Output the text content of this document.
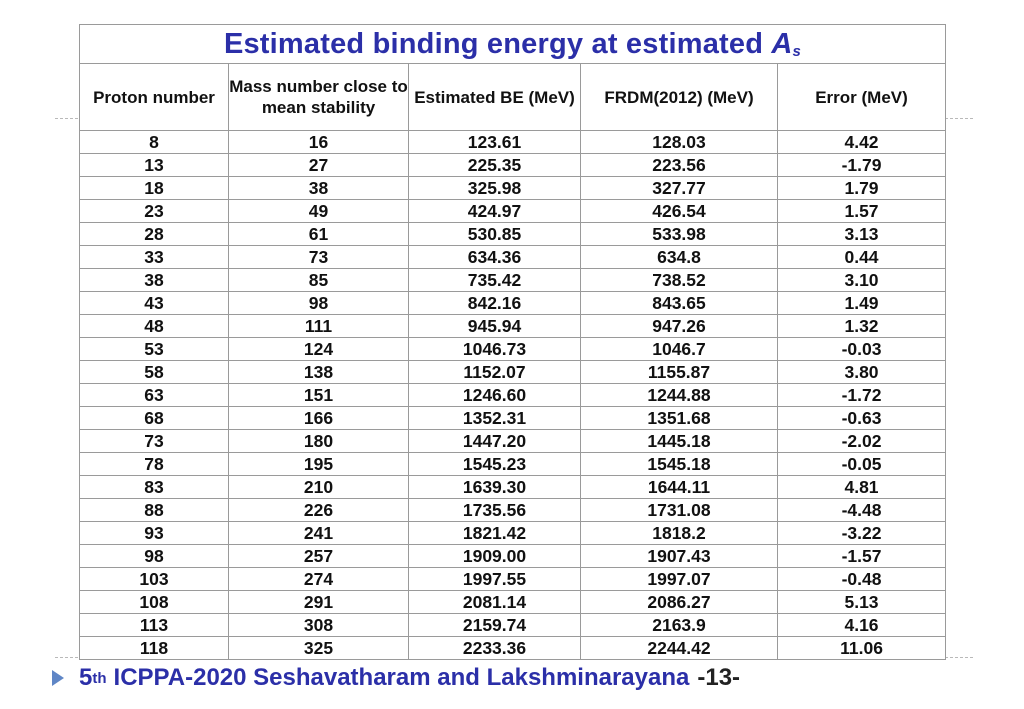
Estimated binding energy at estimated $A_s$
Proton number	Mass number close to mean stability	Estimated BE (MeV)	FRDM(2012) (MeV)	Error (MeV)
8	16	123.61	128.03	4.42
13	27	225.35	223.56	-1.79
18	38	325.98	327.77	1.79
23	49	424.97	426.54	1.57
28	61	530.85	533.98	3.13
33	73	634.36	634.8	0.44
38	85	735.42	738.52	3.10
43	98	842.16	843.65	1.49
48	111	945.94	947.26	1.32
53	124	1046.73	1046.7	-0.03
58	138	1152.07	1155.87	3.80
63	151	1246.60	1244.88	-1.72
68	166	1352.31	1351.68	-0.63
73	180	1447.20	1445.18	-2.02
78	195	1545.23	1545.18	-0.05
83	210	1639.30	1644.11	4.81
88	226	1735.56	1731.08	-4.48
93	241	1821.42	1818.2	-3.22
98	257	1909.00	1907.43	-1.57
103	274	1997.55	1997.07	-0.48
108	291	2081.14	2086.27	5.13
113	308	2159.74	2163.9	4.16
118	325	2233.36	2244.42	11.06
5 th ICPPA-2020 Seshavatharam and Lakshminarayana -13-
